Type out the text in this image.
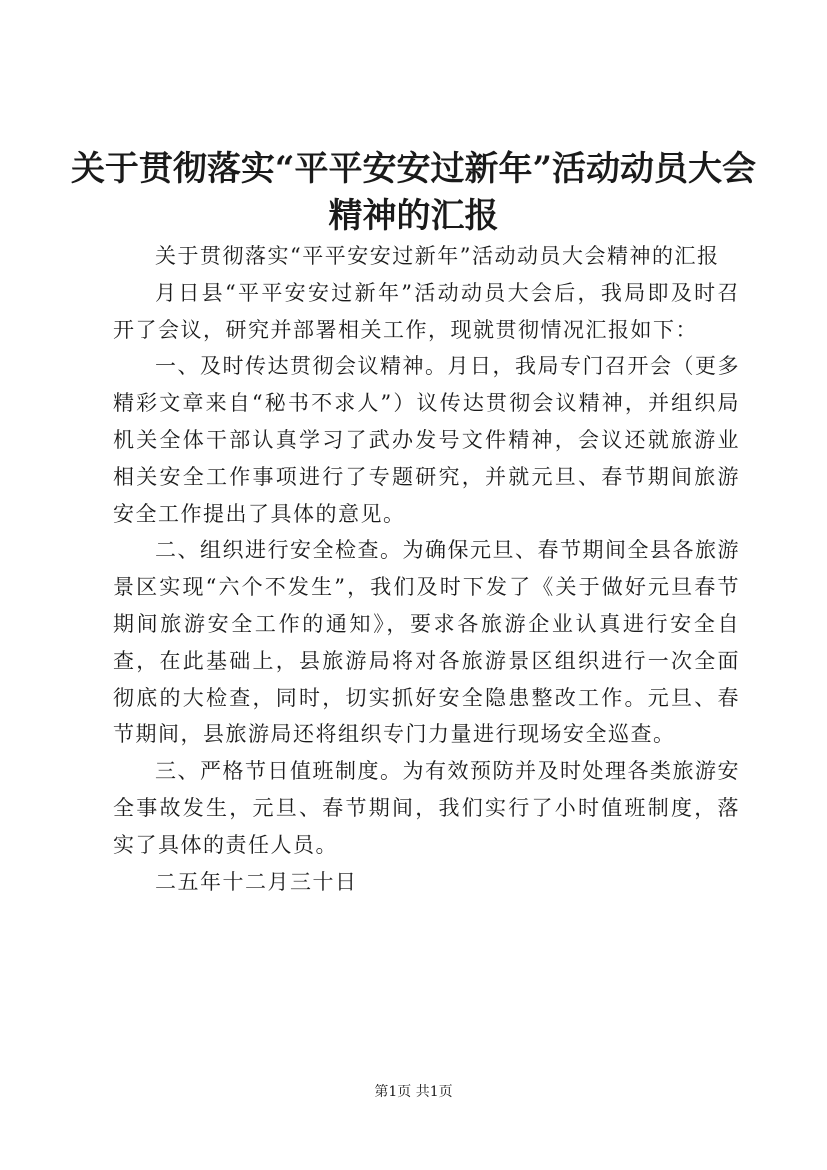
关于贯彻落实“平平安安过新年”活动动员大会精神的汇报

关于贯彻落实“平平安安过新年”活动动员大会精神的汇报

月日县“平平安安过新年”活动动员大会后，我局即及时召开了会议，研究并部署相关工作，现就贯彻情况汇报如下：

一、及时传达贯彻会议精神。月日，我局专门召开会（更多精彩文章来自“秘书不求人”）议传达贯彻会议精神，并组织局机关全体干部认真学习了武办发号文件精神，会议还就旅游业相关安全工作事项进行了专题研究，并就元旦、春节期间旅游安全工作提出了具体的意见。

二、组织进行安全检查。为确保元旦、春节期间全县各旅游景区实现“六个不发生”，我们及时下发了《关于做好元旦春节期间旅游安全工作的通知》，要求各旅游企业认真进行安全自查，在此基础上，县旅游局将对各旅游景区组织进行一次全面彻底的大检查，同时，切实抓好安全隐患整改工作。元旦、春节期间，县旅游局还将组织专门力量进行现场安全巡查。

三、严格节日值班制度。为有效预防并及时处理各类旅游安全事故发生，元旦、春节期间，我们实行了小时值班制度，落实了具体的责任人员。

二五年十二月三十日

第1页 共1页
